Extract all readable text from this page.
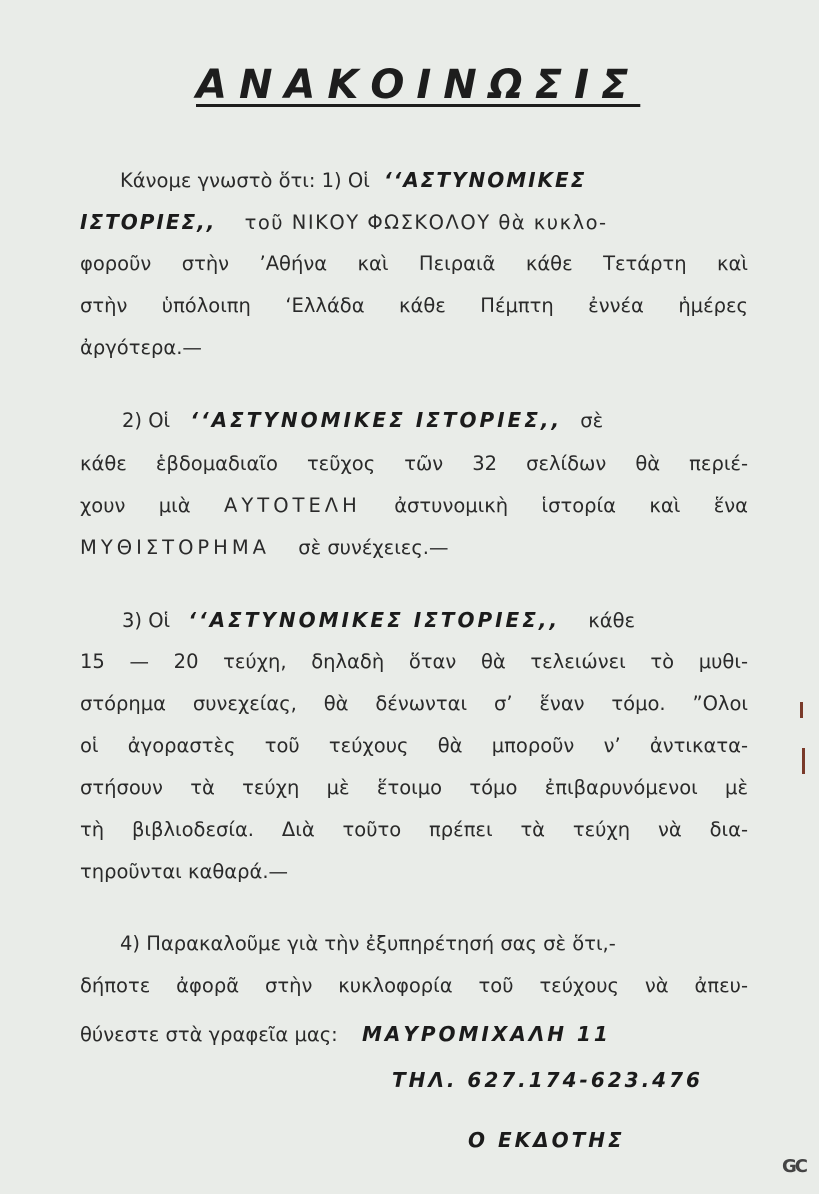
ΑΝΑΚΟΙΝΩΣΙΣ
Κάνομε γνωστὸ ὅτι: 1) Οἱ ‘‘ΑΣΤΥΝΟΜΙΚΕΣ
ΙΣΤΟΡΙΕΣ,, τοῦ ΝΙΚΟΥ ΦΩΣΚΟΛΟΥ θὰ κυκλο-
φοροῦν στὴν ’Αθήνα καὶ Πειραιᾶ κάθε Τετάρτη καὶ
στὴν ὑπόλοιπη ‘Ελλάδα κάθε Πέμπτη ἐννέα ἡμέρες
ἀργότερα.—
2) Οἱ ‘‘ΑΣΤΥΝΟΜΙΚΕΣ ΙΣΤΟΡΙΕΣ,, σὲ
κάθε ἑβδομαδιαῖο τεῦχος τῶν 32 σελίδων θὰ περιέ-
χουν μιὰ ΑΥΤΟΤΕΛΗ ἀστυνομικὴ ἱστορία καὶ ἕνα
ΜΥΘΙΣΤΟΡΗΜΑ σὲ συνέχειες.—
3) Οἱ ‘‘ΑΣΤΥΝΟΜΙΚΕΣ ΙΣΤΟΡΙΕΣ,, κάθε
15 — 20 τεύχη, δηλαδὴ ὅταν θὰ τελειώνει τὸ μυθι-
στόρημα συνεχείας, θὰ δένωνται σ’ ἕναν τόμο. ”Ολοι
οἱ ἀγοραστὲς τοῦ τεύχους θὰ μποροῦν ν’ ἀντικατα-
στήσουν τὰ τεύχη μὲ ἕτοιμο τόμο ἐπιβαρυνόμενοι μὲ
τὴ βιβλιοδεσία. Διὰ τοῦτο πρέπει τὰ τεύχη νὰ δια-
τηροῦνται καθαρά.—
4) Παρακαλοῦμε γιὰ τὴν ἐξυπηρέτησή σας σὲ ὅτι,-
δήποτε ἀφορᾶ στὴν κυκλοφορία τοῦ τεύχους νὰ ἀπευ-
θύνεστε στὰ γραφεῖα μας: ΜΑΥΡΟΜΙΧΑΛΗ 11
ΤΗΛ. 627.174-623.476
Ο ΕΚΔΟΤΗΣ
GC
